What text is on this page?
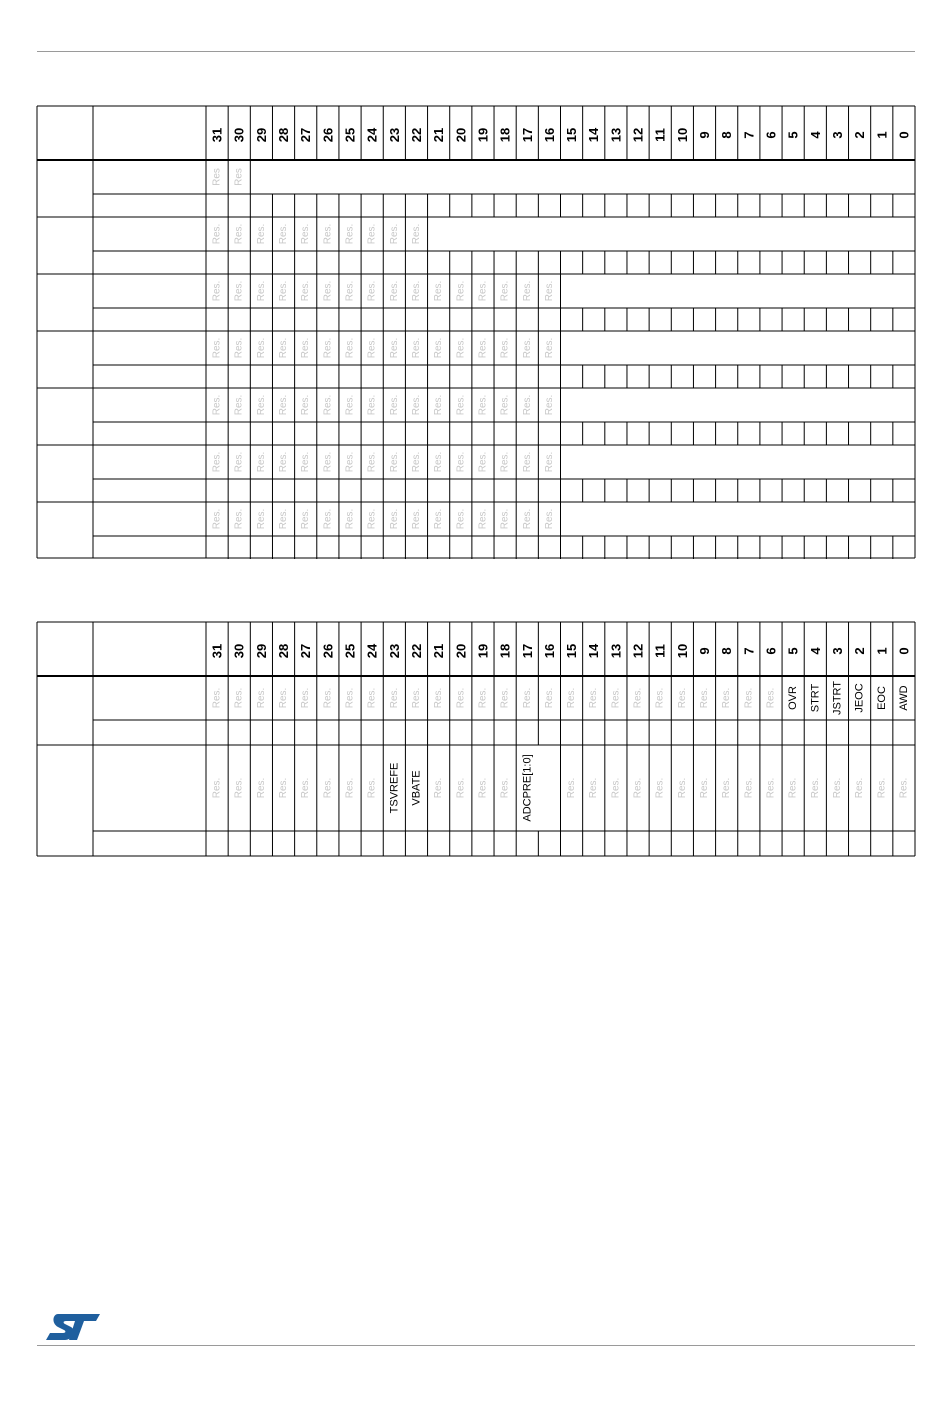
31 30 29 28 27 26 25 24 23 22 21 20 19 18 17 16 15 14 13 12 11 10 9 8 7 6 5 4 3 2 1 0
Res Res
Res. Res. Res. Res. Res. Res. Res. Res. Res. Res.
Res. Res. Res. Res. Res. Res. Res. Res. Res. Res. Res. Res. Res. Res. Res. Res.
Res. Res. Res. Res. Res. Res. Res. Res. Res. Res. Res. Res. Res. Res. Res. Res.
Res. Res. Res. Res. Res. Res. Res. Res. Res. Res. Res. Res. Res. Res. Res. Res.
Res. Res. Res. Res. Res. Res. Res. Res. Res. Res. Res. Res. Res. Res. Res. Res.
Res. Res. Res. Res. Res. Res. Res. Res. Res. Res. Res. Res. Res. Res. Res. Res.
31 30 29 28 27 26 25 24 23 22 21 20 19 18 17 16 15 14 13 12 11 10 9 8 7 6 5 4 3 2 1 0
Res. Res. Res. Res. Res. Res. Res. Res. Res. Res. Res. Res. Res. Res. Res. Res. Res. Res. Res. Res. Res. Res. Res. Res. Res. Res. OVR STRT JSTRT JEOC EOC AWD
Res. Res. Res. Res. Res. Res. Res. Res. TSVREFE VBATE Res. Res. Res. Res. ADCPRE[1:0]	Res. Res. Res. Res. Res. Res. Res. Res. Res. Res. Res. Res. Res. Res. Res. Res.
